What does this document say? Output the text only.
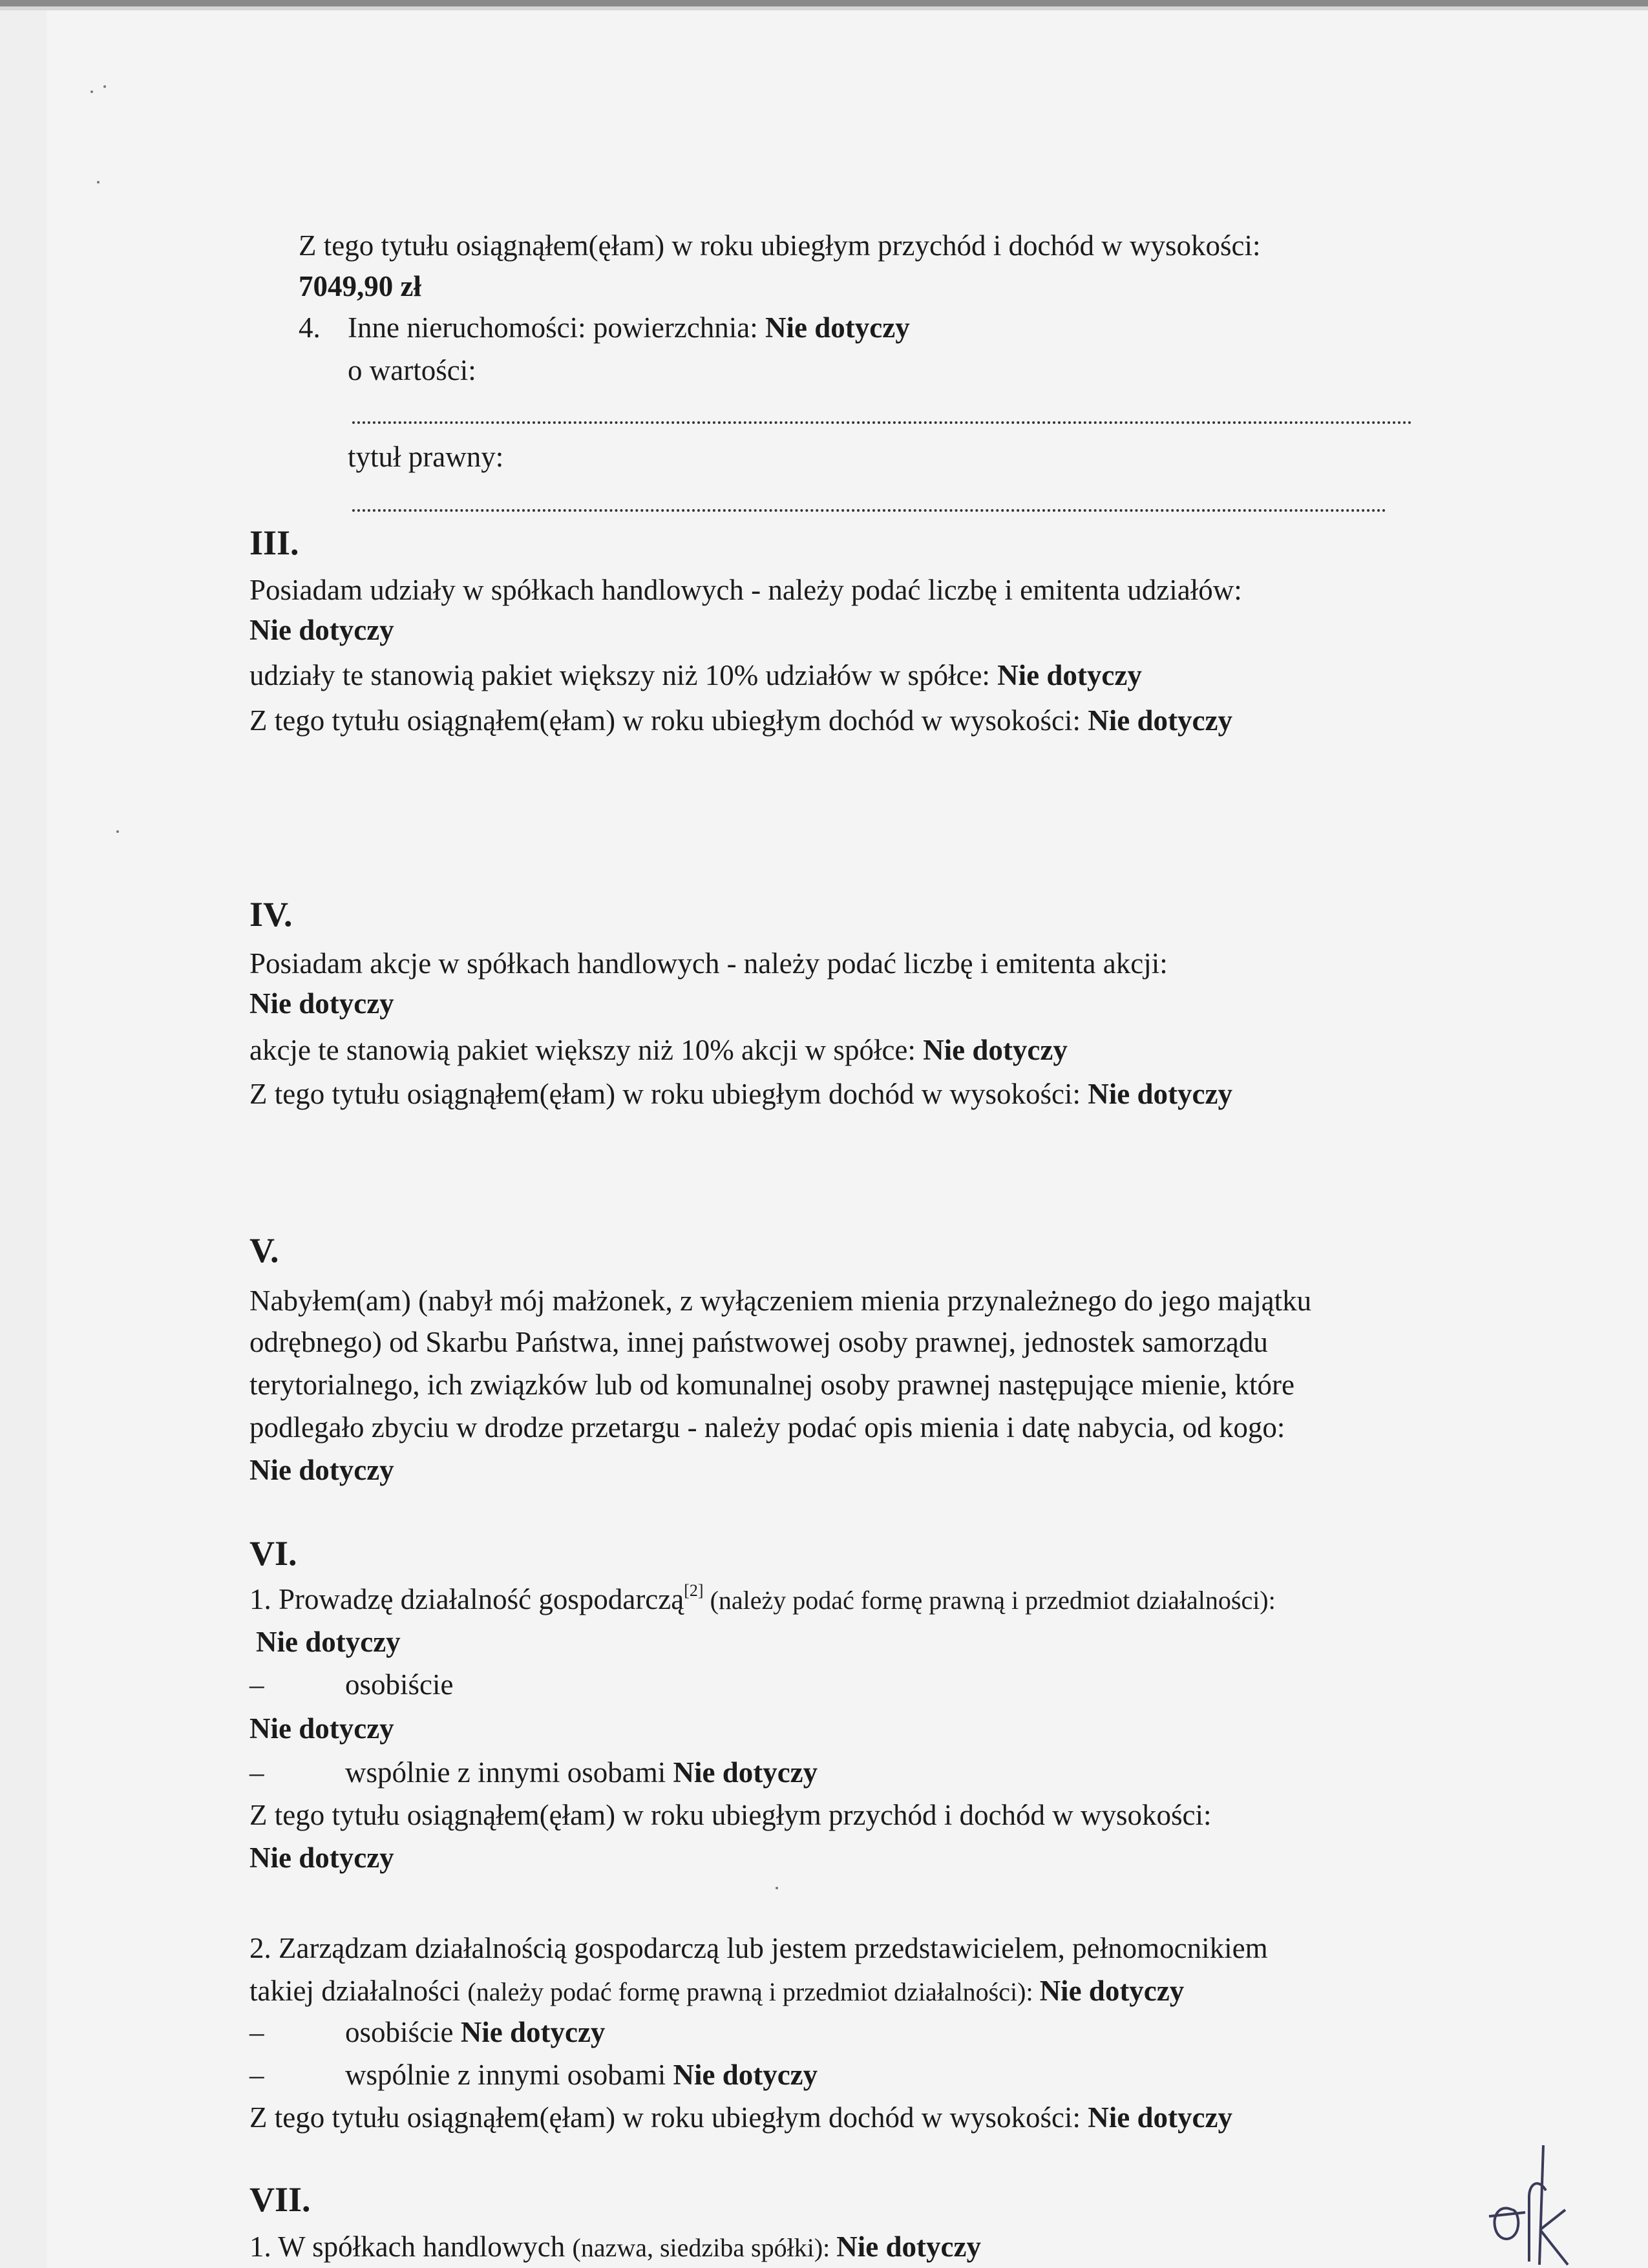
Z tego tytułu osiągnąłem(ęłam) w roku ubiegłym przychód i dochód w wysokości:
7049,90 zł
4. Inne nieruchomości: powierzchnia: Nie dotyczy
o wartości:
tytuł prawny:
III.
Posiadam udziały w spółkach handlowych - należy podać liczbę i emitenta udziałów:
Nie dotyczy
udziały te stanowią pakiet większy niż 10% udziałów w spółce: Nie dotyczy
Z tego tytułu osiągnąłem(ęłam) w roku ubiegłym dochód w wysokości: Nie dotyczy
IV.
Posiadam akcje w spółkach handlowych - należy podać liczbę i emitenta akcji:
Nie dotyczy
akcje te stanowią pakiet większy niż 10% akcji w spółce: Nie dotyczy
Z tego tytułu osiągnąłem(ęłam) w roku ubiegłym dochód w wysokości: Nie dotyczy
V.
Nabyłem(am) (nabył mój małżonek, z wyłączeniem mienia przynależnego do jego majątku
odrębnego) od Skarbu Państwa, innej państwowej osoby prawnej, jednostek samorządu
terytorialnego, ich związków lub od komunalnej osoby prawnej następujące mienie, które
podlegało zbyciu w drodze przetargu - należy podać opis mienia i datę nabycia, od kogo:
Nie dotyczy
VI.
1. Prowadzę działalność gospodarczą[2] (należy podać formę prawną i przedmiot działalności):
Nie dotyczy
–	osobiście
Nie dotyczy
–	wspólnie z innymi osobami Nie dotyczy
Z tego tytułu osiągnąłem(ęłam) w roku ubiegłym przychód i dochód w wysokości:
Nie dotyczy
2. Zarządzam działalnością gospodarczą lub jestem przedstawicielem, pełnomocnikiem
takiej działalności (należy podać formę prawną i przedmiot działalności): Nie dotyczy
–	osobiście Nie dotyczy
–	wspólnie z innymi osobami Nie dotyczy
Z tego tytułu osiągnąłem(ęłam) w roku ubiegłym dochód w wysokości: Nie dotyczy
VII.
1. W spółkach handlowych (nazwa, siedziba spółki): Nie dotyczy
